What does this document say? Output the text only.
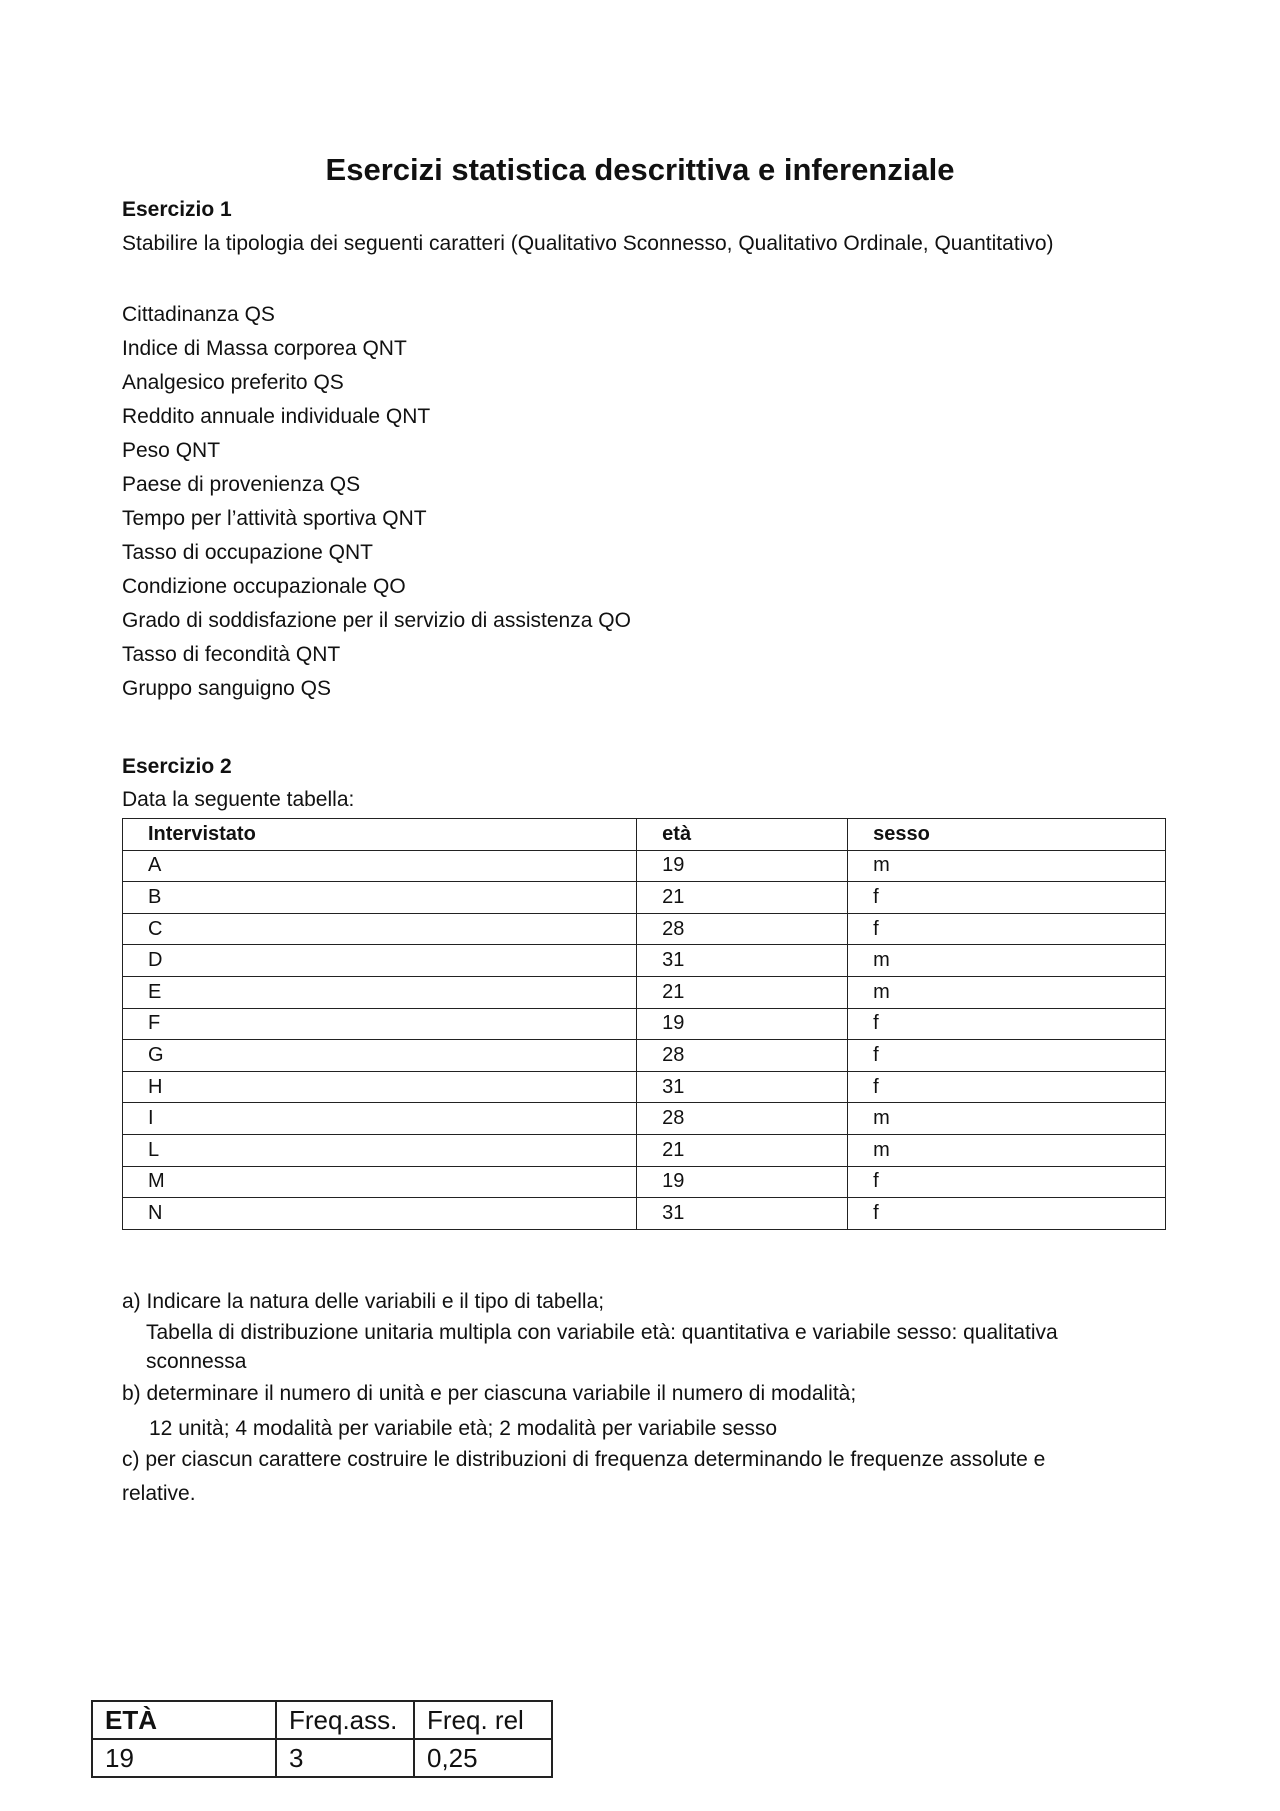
Esercizi statistica descrittiva e inferenziale
Esercizio 1
Stabilire la tipologia dei seguenti caratteri (Qualitativo Sconnesso, Qualitativo Ordinale, Quantitativo)
Cittadinanza QS
Indice di Massa corporea QNT
Analgesico preferito QS
Reddito annuale individuale QNT
Peso QNT
Paese di provenienza QS
Tempo per l’attività sportiva QNT
Tasso di occupazione QNT
Condizione occupazionale QO
Grado di soddisfazione per il servizio di assistenza QO
Tasso di fecondità QNT
Gruppo sanguigno QS
Esercizio 2
Data la seguente tabella:
Intervistato	età	sesso
A	19	m
B	21	f
C	28	f
D	31	m
E	21	m
F	19	f
G	28	f
H	31	f
I	28	m
L	21	m
M	19	f
N	31	f
a) Indicare la natura delle variabili e il tipo di tabella;
Tabella di distribuzione unitaria multipla con variabile età: quantitativa e variabile sesso: qualitativa sconnessa
b) determinare il numero di unità e per ciascuna variabile il numero di modalità;
12 unità; 4 modalità per variabile età; 2 modalità per variabile sesso
c) per ciascun carattere costruire le distribuzioni di frequenza determinando le frequenze assolute e
relative.
ETÀ	Freq.ass.	Freq. rel
19	3	0,25
